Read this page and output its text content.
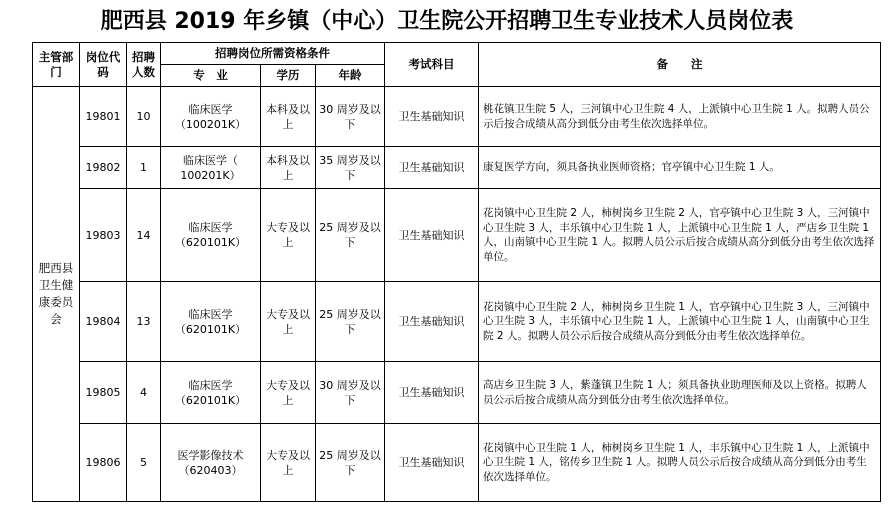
肥西县 2019 年乡镇（中心）卫生院公开招聘卫生专业技术人员岗位表
主管部门	岗位代码	招聘人数	招聘岗位所需资格条件			考试科目	备　　注
			专　业	学历	年龄		
肥西县卫生健康委员会	19801	10	临床医学（100201K）	本科及以上	30 周岁及以下	卫生基础知识	桃花镇卫生院 5 人，三河镇中心卫生院 4 人，上派镇中心卫生院 1 人。拟聘人员公示后按合成绩从高分到低分由考生依次选择单位。
	19802	1	临床医学（ 100201K）	本科及以上	35 周岁及以下	卫生基础知识	康复医学方向，须具备执业医师资格；官亭镇中心卫生院 1 人。
	19803	14	临床医学（620101K）	大专及以上	25 周岁及以下	卫生基础知识	花岗镇中心卫生院 2 人，柿树岗乡卫生院 2 人，官亭镇中心卫生院 3 人，三河镇中心卫生院 3 人，丰乐镇中心卫生院 1 人，上派镇中心卫生院 1 人，严店乡卫生院 1 人，山南镇中心卫生院 1 人。拟聘人员公示后按合成绩从高分到低分由考生依次选择单位。
	19804	13	临床医学（620101K）	大专及以上	25 周岁及以下	卫生基础知识	花岗镇中心卫生院 2 人，柿树岗乡卫生院 1 人，官亭镇中心卫生院 3 人，三河镇中心卫生院 3 人，丰乐镇中心卫生院 1 人，上派镇中心卫生院 1 人，山南镇中心卫生院 2 人。拟聘人员公示后按合成绩从高分到低分由考生依次选择单位。
	19805	4	临床医学（620101K）	大专及以上	30 周岁及以下	卫生基础知识	高店乡卫生院 3 人，紫蓬镇卫生院 1 人；须具备执业助理医师及以上资格。拟聘人员公示后按合成绩从高分到低分由考生依次选择单位。
	19806	5	医学影像技术（620403）	大专及以上	25 周岁及以下	卫生基础知识	花岗镇中心卫生院 1 人，柿树岗乡卫生院 1 人，丰乐镇中心卫生院 1 人，上派镇中心卫生院 1 人，铭传乡卫生院 1 人。拟聘人员公示后按合成绩从高分到低分由考生依次选择单位。
